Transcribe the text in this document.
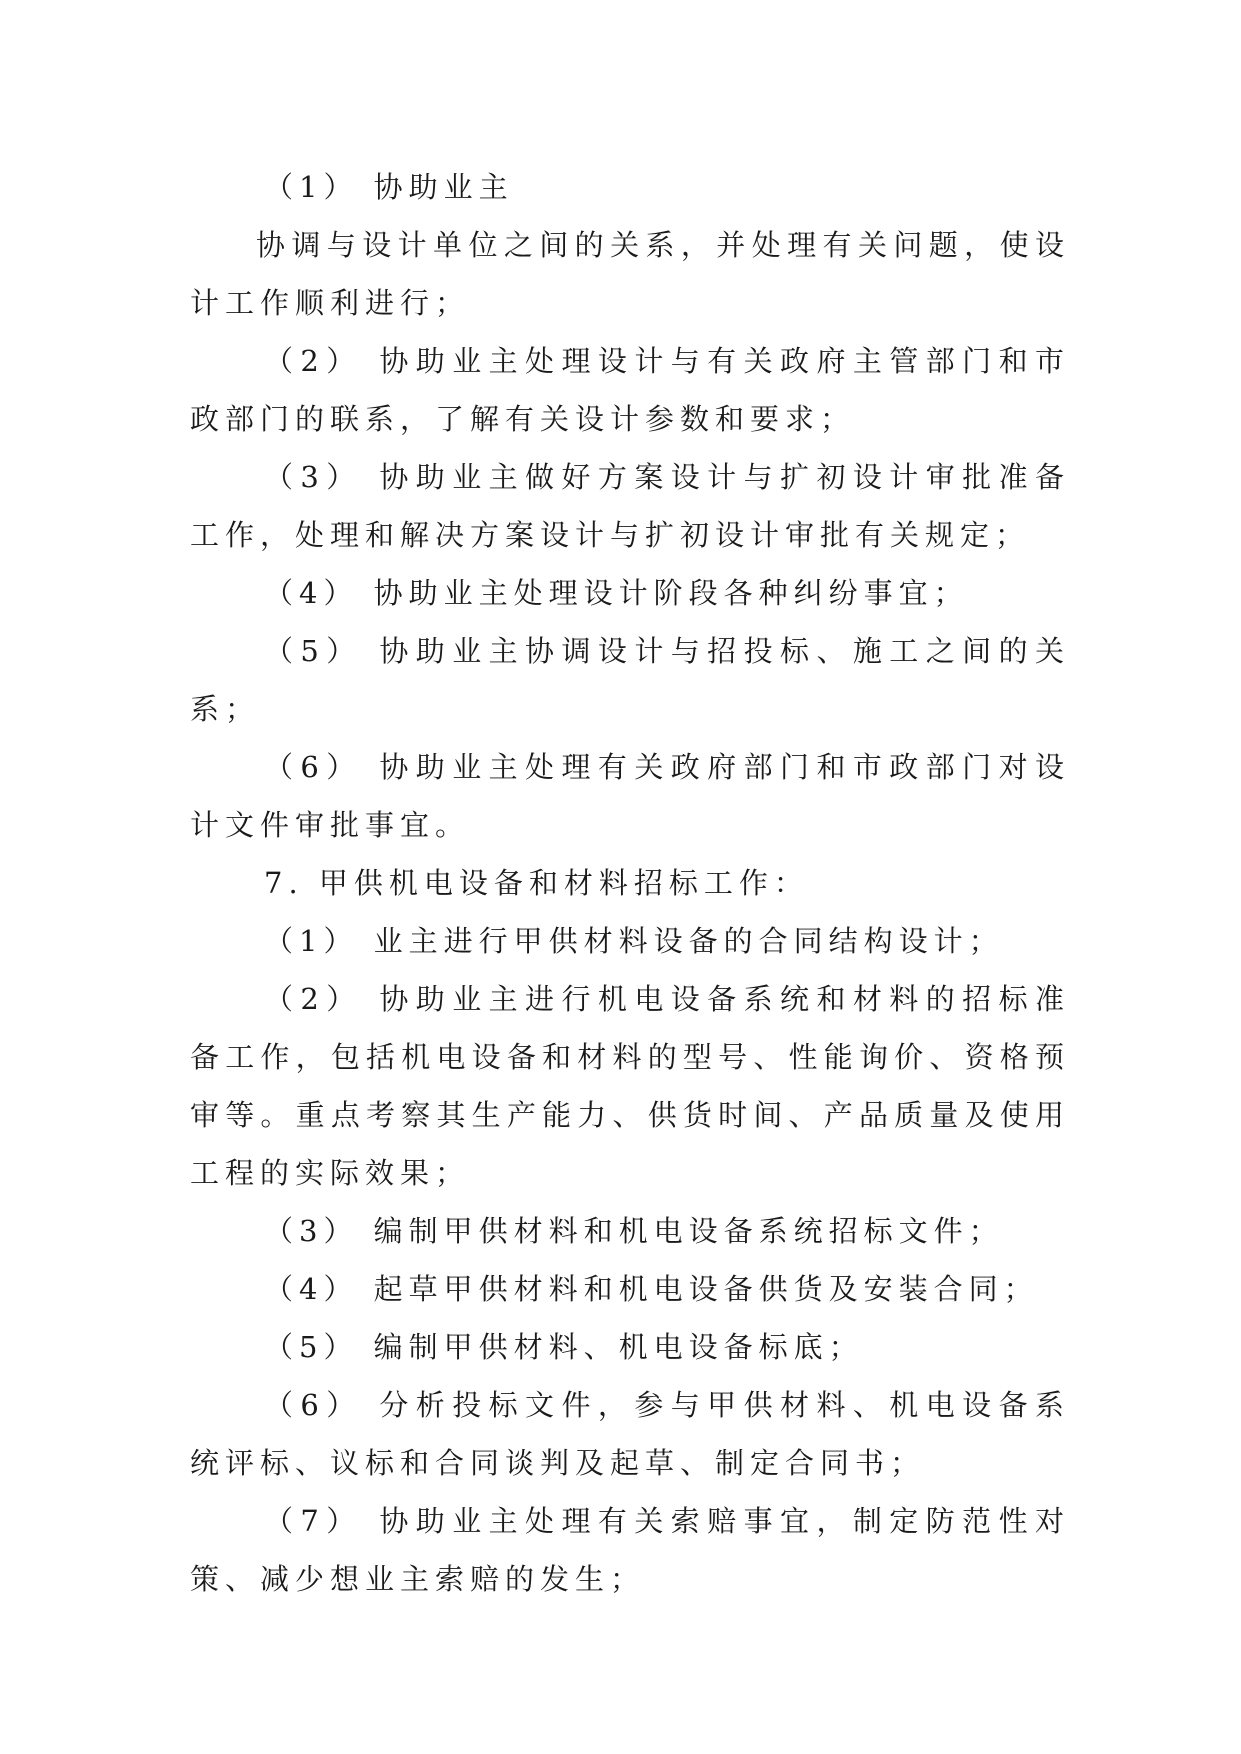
（1） 协助业主

协调与设计单位之间的关系，并处理有关问题，使设计工作顺利进行；

（2） 协助业主处理设计与有关政府主管部门和市政部门的联系，了解有关设计参数和要求；

（3） 协助业主做好方案设计与扩初设计审批准备工作，处理和解决方案设计与扩初设计审批有关规定；

（4） 协助业主处理设计阶段各种纠纷事宜；

（5） 协助业主协调设计与招投标、施工之间的关系；

（6） 协助业主处理有关政府部门和市政部门对设计文件审批事宜。

7. 甲供机电设备和材料招标工作：

（1） 业主进行甲供材料设备的合同结构设计；

（2） 协助业主进行机电设备系统和材料的招标准备工作，包括机电设备和材料的型号、性能询价、资格预审等。重点考察其生产能力、供货时间、产品质量及使用工程的实际效果；

（3） 编制甲供材料和机电设备系统招标文件；

（4） 起草甲供材料和机电设备供货及安装合同；

（5） 编制甲供材料、机电设备标底；

（6） 分析投标文件，参与甲供材料、机电设备系统评标、议标和合同谈判及起草、制定合同书；

（7） 协助业主处理有关索赔事宜，制定防范性对策、减少想业主索赔的发生；
